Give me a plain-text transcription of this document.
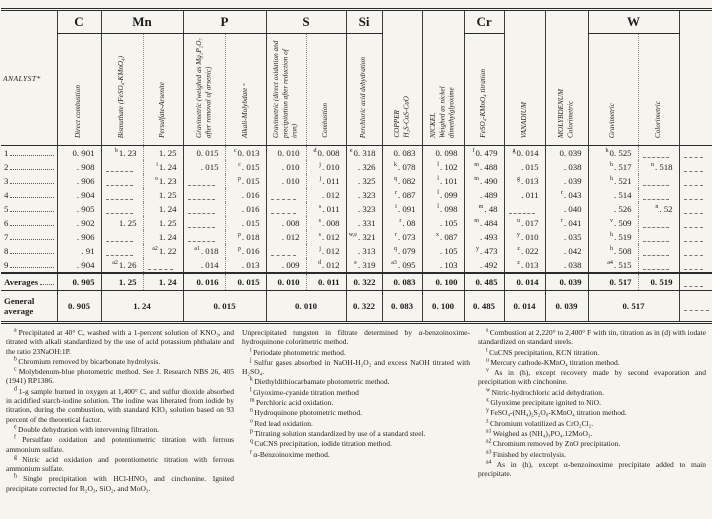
ANALYST*	C	Mn		P		S		Si	COPPER H₂S-CuS-CuO	NICKEL Weighed as nickel dimethylglyoxime	Cr	VANADIUM	MOLYBDENUM Colorimetric	W		

	Direct combustion	Bismuthate (FeSO₄-KMnO₄)	Persulfate-Arsenite	Gravimetric (weighed as Mg₂P₂O₇ after removal of arsenic)	Alkali-Molybdate ᵃ	Gravimetric (direct oxidation and precipitation after reduction of iron)	Combustion	Perchloric acid dehydration			FeSO₄-KMnO₄ titration			Gravimetric	Colorimetric	

1	0. 901	$^b$1. 23	1. 25	0. 015	$^c$0. 013	0. 010	$^d$0. 008	$^e$0. 318	0. 083	0. 098	$^f$0. 479	$^g$0. 014	0. 039	$^h$0. 525	

2	. 908		$^i$1. 24	. 015	$^c$. 015	. 010	$^j$. 010	. 326	$^k$. 078	$^l$. 102	$^m$. 488	. 015	. 038	$^h$. 517	$^n$. 518	

3	. 906		$^o$1. 23		$^p$. 015	. 010	$^j$. 011	. 325	$^q$. 082	$^l$. 101	$^m$. 490	$^g$. 013	. 039	$^h$. 521	

4	. 904		1. 25		. 016		. 012	. 323	$^r$. 087	$^l$. 099	. 489	. 011	$^r$. 043	. 514	

5	. 905		1. 24		. 016		$^s$. 011	. 323	$^t$. 091	$^l$. 098	$^m$. 48		. 040	. 526	$^n$. 52	

6	. 902	1. 25	1. 25		. 015	. 008	$^s$. 008	. 331	$^r$. 08	. 105	$^m$. 484	$^u$. 017	$^r$. 041	$^v$. 509	

7	. 906		1. 24		$^p$. 018	. 012	$^s$. 012	$^{w,e}$. 321	$^r$. 073	$^x$. 087	. 493	$^y$. 010	. 035	$^h$. 519	

8	. 91		$^{a2}$1. 22	$^{a1}$. 018	$^p$. 016		$^j$. 012	. 313	$^q$. 079	. 105	$^y$. 473	$^z$. 022	. 042	$^h$. 508	

9	. 904	$^{a2}$1. 26		. 014	. 013	. 009	$^d$. 012	$^e$. 319	$^{a3}$. 095	. 103	. 492	$^z$. 013	. 038	$^{a4}$. 515	

Averages	0. 905	1. 25	1. 24	0. 016	0. 015	0. 010	0. 011	0. 322	0. 083	0. 100	0. 485	0. 014	0. 039	0. 517	0. 519	

General average	0. 905	1. 24		0. 015		0. 010		0. 322	0. 083	0. 100	0. 485	0. 014	0. 039	0. 517		

$^a$ Precipitated at 40° C, washed with a 1-percent solution of KNO₃, and titrated with alkali standardized by the use of acid potassium phthalate and the ratio 23NaOH:1P.

$^b$ Chromium removed by bicarbonate hydrolysis.

$^c$ Molybdenum-blue photometric method. See J. Research NBS 26, 405 (1941) RP1386.

$^d$ 1-g sample burned in oxygen at 1,400° C, and sulfur dioxide absorbed in acidified starch-iodine solution. The iodine was liberated from iodide by titration, during the combustion, with standard KIO₃ solution based on 93 percent of the theoretical factor.

$^e$ Double dehydration with intervening filtration.

$^f$ Persulfate oxidation and potentiometric titration with ferrous ammonium sulfate.

$^g$ Nitric acid oxidation and potentiometric titration with ferrous ammonium sulfate.

$^h$ Single precipitation with HCl-HNO₃ and cinchonine. Ignited precipitate corrected for R₂O₃, SiO₂, and MoO₃.

Unprecipitated tungsten in filtrate determined by α-benzoinoxime-hydroquinone colorimetric method.

$^i$ Periodate photometric method.

$^j$ Sulfur gases absorbed in NaOH-H₂O₂ and excess NaOH titrated with H₂SO₄.

$^k$ Diethyldithiocarbamate photometric method.

$^l$ Glyoxime-cyanide titration method

$^m$ Perchloric acid oxidation.

$^n$ Hydroquinone photometric method.

$^o$ Red lead oxidation.

$^p$ Titrating solution standardized by use of a standard steel.

$^q$ CuCNS precipitation, iodide titration method.

$^r$ α-Benzoinoxime method.

$^s$ Combustion at 2,220° to 2,400° F with tin, titration as in (d) with iodate standardized on standard steels.

$^t$ CuCNS precipitation, KCN titration.

$^u$ Mercury cathode-KMnO₄ titration method.

$^v$ As in (h), except recovery made by second evaporation and precipitation with cinchonine.

$^w$ Nitric-hydrochloric acid dehydration.

$^x$ Glyoxime precipitate ignited to NiO.

$^y$ FeSO₄-(NH₄)₂S₂O₈-KMnO₄ titration method.

$^z$ Chromium volatilized as CrO₂Cl₂.

$^{a1}$ Weighed as (NH₄)₃PO₄.12MoO₃.

$^{a2}$ Chromium removed by ZnO precipitation.

$^{a3}$ Finished by electrolysis.

$^{a4}$ As in (h), except α-benzoinoxime precipitate added to main precipitate.
